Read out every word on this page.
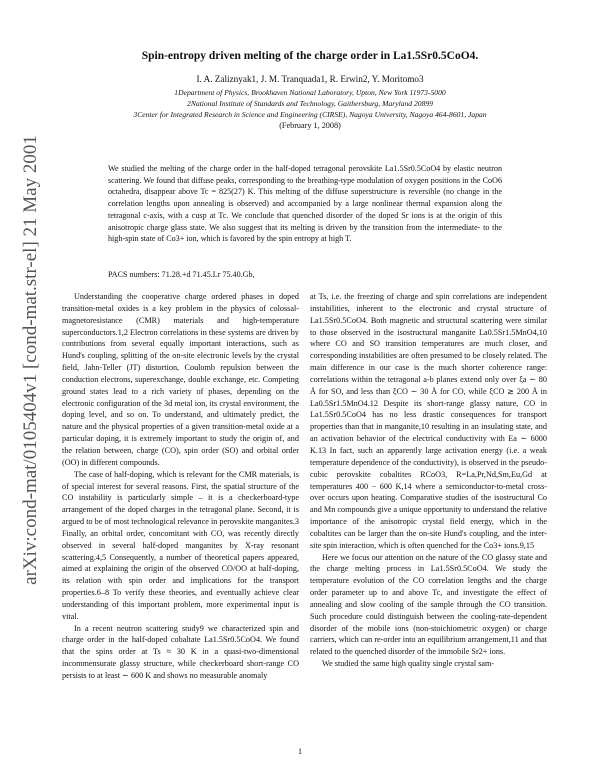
arXiv:cond-mat/0105404v1 [cond-mat.str-el] 21 May 2001
Spin-entropy driven melting of the charge order in La1.5Sr0.5CoO4.
I. A. Zaliznyak1, J. M. Tranquada1, R. Erwin2, Y. Moritomo3
1Department of Physics, Brookhaven National Laboratory, Upton, New York 11973-5000
2National Institute of Standards and Technology, Gaithersburg, Maryland 20899
3Center for Integrated Research in Science and Engineering (CIRSE), Nagoya University, Nagoya 464-8601, Japan
(February 1, 2008)
We studied the melting of the charge order in the half-doped tetragonal perovskite La1.5Sr0.5CoO4 by elastic neutron scattering. We found that diffuse peaks, corresponding to the breathing-type modulation of oxygen positions in the CoO6 octahedra, disappear above Tc = 825(27) K. This melting of the diffuse superstructure is reversible (no change in the correlation lengths upon annealing is observed) and accompanied by a large nonlinear thermal expansion along the tetragonal c-axis, with a cusp at Tc. We conclude that quenched disorder of the doped Sr ions is at the origin of this anisotropic charge glass state. We also suggest that its melting is driven by the transition from the intermediate- to the high-spin state of Co3+ ion, which is favored by the spin entropy at high T.
PACS numbers: 71.28.+d 71.45.Lr 75.40.Gb,

Understanding the cooperative charge ordered phases in doped transition-metal oxides is a key problem in the physics of colossal-magnetoresistance (CMR) materials and high-temperature superconductors.1,2 Electron correlations in these systems are driven by contributions from several equally important interactions, such as Hund's coupling, splitting of the on-site electronic levels by the crystal field, Jahn-Teller (JT) distortion, Coulomb repulsion between the conduction electrons, superexchange, double exchange, etc. Competing ground states lead to a rich variety of phases, depending on the electronic configuration of the 3d metal ion, its crystal environment, the doping level, and so on. To understand, and ultimately predict, the nature and the physical properties of a given transition-metal oxide at a particular doping, it is extremely important to study the origin of, and the relation between, charge (CO), spin order (SO) and orbital order (OO) in different compounds.

The case of half-doping, which is relevant for the CMR materials, is of special interest for several reasons. First, the spatial structure of the CO instability is particularly simple – it is a checkerboard-type arrangement of the doped charges in the tetragonal plane. Second, it is argued to be of most technological relevance in perovskite manganites.3 Finally, an orbital order, concomitant with CO, was recently directly observed in several half-doped manganites by X-ray resonant scattering.4,5 Consequently, a number of theoretical papers appeared, aimed at explaining the origin of the observed CO/OO at half-doping, its relation with spin order and implications for the transport properties.6–8 To verify these theories, and eventually achieve clear understanding of this important problem, more experimental input is vital.

In a recent neutron scattering study9 we characterized spin and charge order in the half-doped cobaltate La1.5Sr0.5CoO4. We found that the spins order at Ts ≈ 30 K in a quasi-two-dimensional incommensurate glassy structure, while checkerboard short-range CO persists to at least ∼ 600 K and shows no measurable anomaly

at Ts, i.e. the freezing of charge and spin correlations are independent instabilities, inherent to the electronic and crystal structure of La1.5Sr0.5CoO4. Both magnetic and structural scattering were similar to those observed in the isostructural manganite La0.5Sr1.5MnO4,10 where CO and SO transition temperatures are much closer, and corresponding instabilities are often presumed to be closely related. The main difference in our case is the much shorter coherence range: correlations within the tetragonal a-b planes extend only over ξa ∼ 80 Å for SO, and less than ξCO ∼ 30 Å for CO, while ξCO ≳ 200 Å in La0.5Sr1.5MnO4.12 Despite its short-range glassy nature, CO in La1.5Sr0.5CoO4 has no less drastic consequences for transport properties than that in manganite,10 resulting in an insulating state, and an activation behavior of the electrical conductivity with Ea ∼ 6000 K.13 In fact, such an apparently large activation energy (i.e. a weak temperature dependence of the conductivity), is observed in the pseudo-cubic perovskite cobaltites RCoO3, R=La,Pr,Nd,Sm,Eu,Gd at temperatures 400 − 600 K,14 where a semiconductor-to-metal cross-over occurs upon heating. Comparative studies of the isostructural Co and Mn compounds give a unique opportunity to understand the relative importance of the anisotropic crystal field energy, which in the cobaltites can be larger than the on-site Hund's coupling, and the inter-site spin interaction, which is often quenched for the Co3+ ions.9,15

Here we focus our attention on the nature of the CO glassy state and the charge melting process in La1.5Sr0.5CoO4. We study the temperature evolution of the CO correlation lengths and the charge order parameter up to and above Tc, and investigate the effect of annealing and slow cooling of the sample through the CO transition. Such procedure could distinguish between the cooling-rate-dependent disorder of the mobile ions (non-stoichiometric oxygen) or charge carriers, which can re-order into an equilibrium arrangement,11 and that related to the quenched disorder of the immobile Sr2+ ions.

We studied the same high quality single crystal sam-

1
